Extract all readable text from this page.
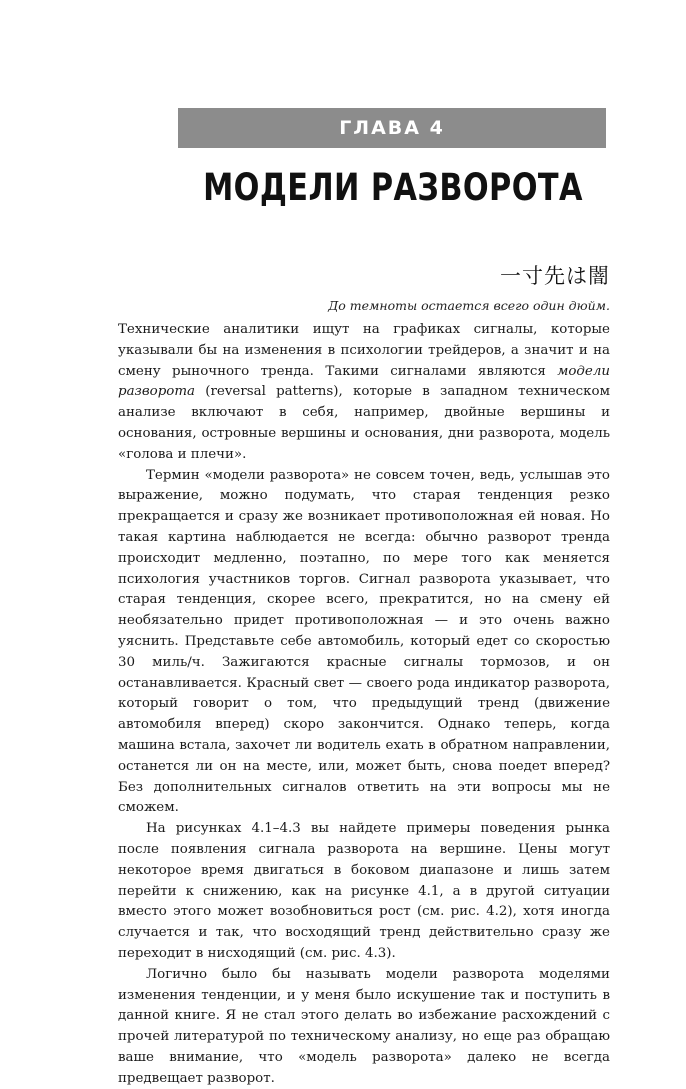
ГЛАВА 4
МОДЕЛИ РАЗВОРОТА
一寸先は闇
До темноты остается всего один дюйм.

Технические аналитики ищут на графиках сигналы, которые указывали бы на изменения в психологии трейдеров, а значит и на смену рыночного тренда. Такими сигналами являются модели разворота (reversal patterns), которые в западном техническом анализе включают в себя, например, двойные вершины и основания, островные вершины и основания, дни разворота, модель «голова и плечи».

Термин «модели разворота» не совсем точен, ведь, услышав это выражение, можно подумать, что старая тенденция резко прекращается и сразу же возникает противоположная ей новая. Но такая картина наблюдается не всегда: обычно разворот тренда происходит медленно, поэтапно, по мере того как меняется психология участников торгов. Сигнал разворота указывает, что старая тенденция, скорее всего, прекратится, но на смену ей необязательно придет противоположная — и это очень важно уяснить. Представьте себе автомобиль, который едет со скоростью 30 миль/ч. Зажигаются красные сигналы тормозов, и он останавливается. Красный свет — своего рода индикатор разворота, который говорит о том, что предыдущий тренд (движение автомобиля вперед) скоро закончится. Однако теперь, когда машина встала, захочет ли водитель ехать в обратном направлении, останется ли он на месте, или, может быть, снова поедет вперед? Без дополнительных сигналов ответить на эти вопросы мы не сможем.

На рисунках 4.1–4.3 вы найдете примеры поведения рынка после появления сигнала разворота на вершине. Цены могут некоторое время двигаться в боковом диапазоне и лишь затем перейти к снижению, как на рисунке 4.1, а в другой ситуации вместо этого может возобновиться рост (см. рис. 4.2), хотя иногда случается и так, что восходящий тренд действительно сразу же переходит в нисходящий (см. рис. 4.3).

Логично было бы называть модели разворота моделями изменения тенденции, и у меня было искушение так и поступить в данной книге. Я не стал этого делать во избежание расхождений с прочей литературой по техническому анализу, но еще раз обращаю ваше внимание, что «модель разворота» далеко не всегда предвещает разворот.
